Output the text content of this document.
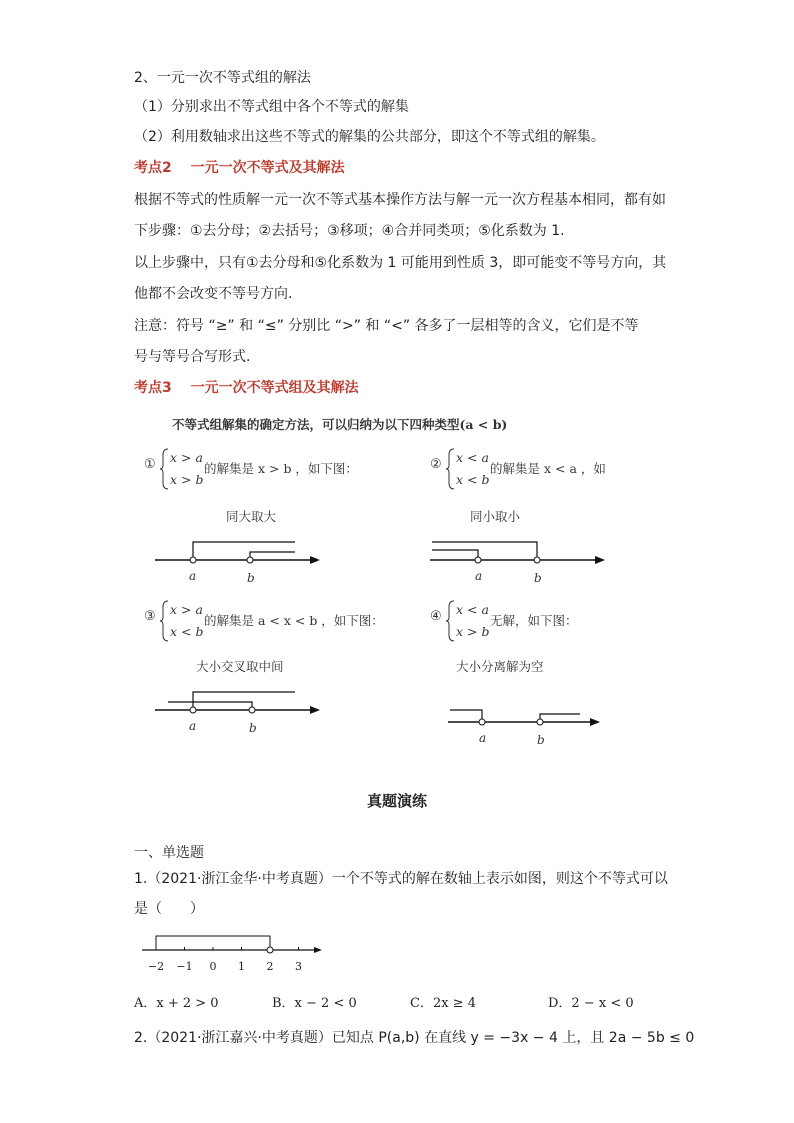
2、一元一次不等式组的解法
（1）分别求出不等式组中各个不等式的解集
（2）利用数轴求出这些不等式的解集的公共部分，即这个不等式组的解集。
考点2　 一元一次不等式及其解法
根据不等式的性质解一元一次不等式基本操作方法与解一元一次方程基本相同，都有如
下步骤：①去分母；②去括号；③移项；④合并同类项；⑤化系数为 1.
以上步骤中，只有①去分母和⑤化系数为 1 可能用到性质 3，即可能变不等号方向，其
他都不会改变不等号方向.
注意：符号 “≥” 和 “≤” 分别比 “>” 和 “<” 各多了一层相等的含义，它们是不等
号与等号合写形式.
考点3　 一元一次不等式组及其解法
不等式组解集的确定方法，可以归纳为以下四种类型(a < b)
① x > a
x > b
的解集是 x > b ，如下图：
同大取大
② x < a
x < b
的解集是 x < a ，如
同小取小
a	b	a	b
③ x > a
x < b
的解集是 a < x < b ，如下图：
大小交叉取中间
④ x < a
x > b
无解，如下图：
大小分离解为空
a	b
a	b
真题演练
一、单选题
1.（2021·浙江金华·中考真题）一个不等式的解在数轴上表示如图，则这个不等式可以
是（　　）
−2 −1 0 1 2 3
A．x + 2 > 0	B．x − 2 < 0	C．2x ≥ 4	D．2 − x < 0
2.（2021·浙江嘉兴·中考真题）已知点 P(a,b) 在直线 y = −3x − 4 上，且 2a − 5b ≤ 0
